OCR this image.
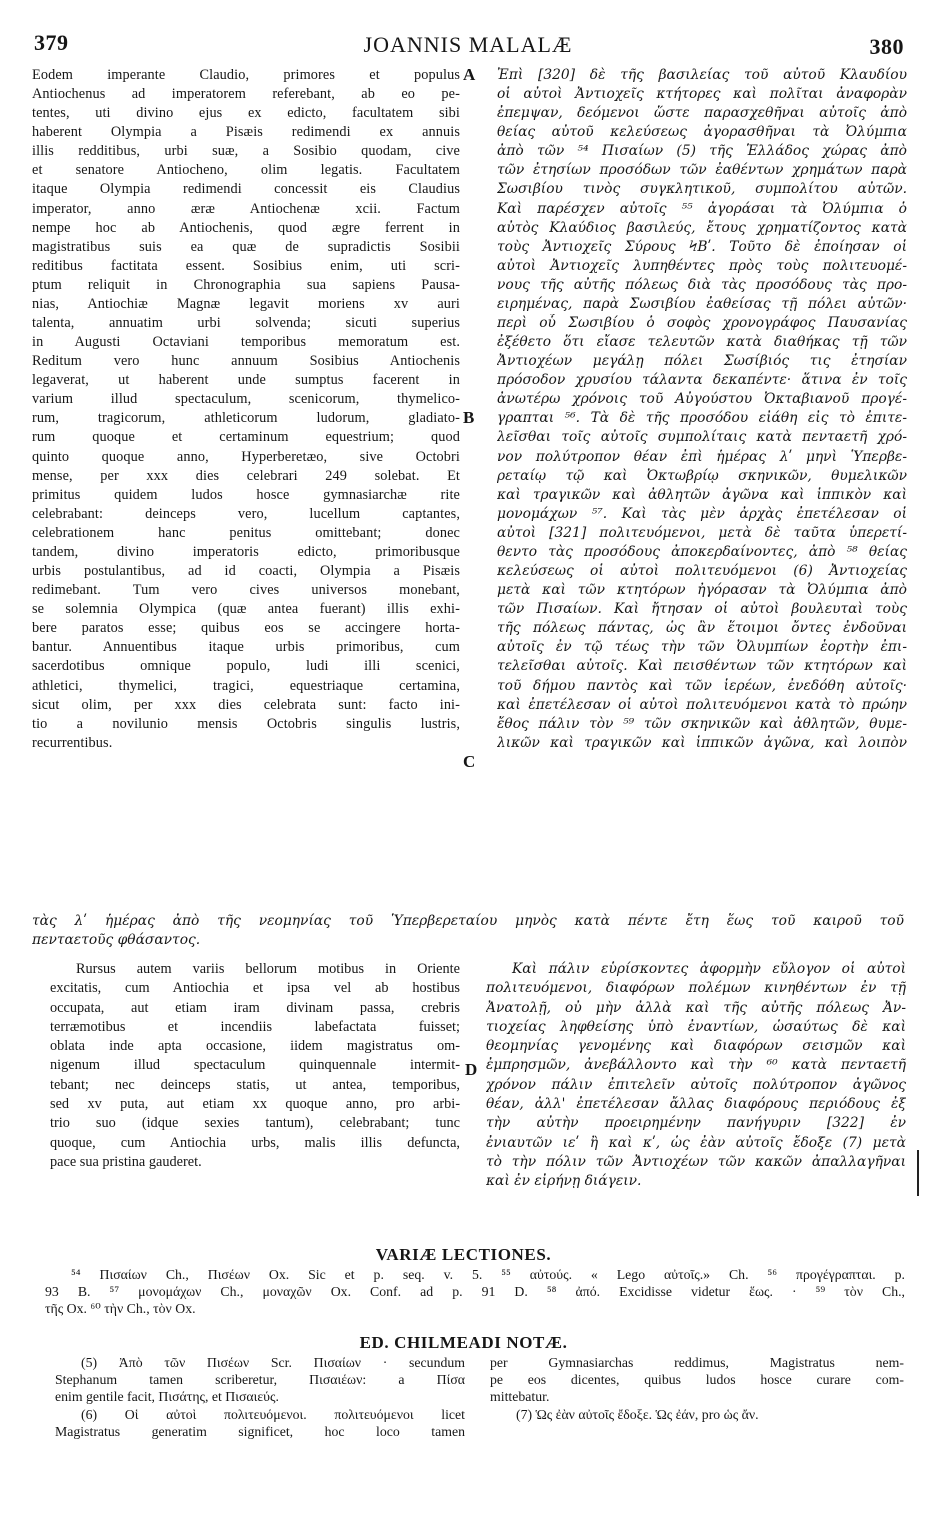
379	JOANNIS MALALÆ	380
A
B
C
D
Eodem imperante Claudio, primores et populus
Antiochenus ad imperatorem referebant, ab eo pe-
tentes, uti divino ejus ex edicto, facultatem sibi
haberent Olympia a Pisæis redimendi ex annuis
illis redditibus, urbi suæ, a Sosibio quodam, cive
et senatore Antiocheno, olim legatis. Facultatem
itaque Olympia redimendi concessit eis Claudius
imperator, anno æræ Antiochenæ xcii. Factum
nempe hoc ab Antiochenis, quod ægre ferrent in
magistratibus suis ea quæ de supradictis Sosibii
reditibus factitata essent. Sosibius enim, uti scri-
ptum reliquit in Chronographia sua sapiens Pausa-
nias, Antiochiæ Magnæ legavit moriens xv auri
talenta, annuatim urbi solvenda; sicuti superius
in Augusti Octaviani temporibus memoratum est.
Reditum vero hunc annuum Sosibius Antiochenis
legaverat, ut haberent unde sumptus facerent in
varium illud spectaculum, scenicorum, thymelico-
rum, tragicorum, athleticorum ludorum, gladiato-
rum quoque et certaminum equestrium; quod
quinto quoque anno, Hyperberetæo, sive Octobri
mense, per xxx dies celebrari 249 solebat. Et
primitus quidem ludos hosce gymnasiarchæ rite
celebrabant: deinceps vero, lucellum captantes,
celebrationem hanc penitus omittebant; donec
tandem, divino imperatoris edicto, primoribusque
urbis postulantibus, ad id coacti, Olympia a Pisæis
redimebant. Tum vero cives universos monebant,
se solemnia Olympica (quæ antea fuerant) illis exhi-
bere paratos esse; quibus eos se accingere horta-
bantur. Annuentibus itaque urbis primoribus, cum
sacerdotibus omnique populo, ludi illi scenici,
athletici, thymelici, tragici, equestriaque certamina,
sicut olim, per xxx dies celebrata sunt: facto ini-
tio a novilunio mensis Octobris singulis lustris,
recurrentibus.
Ἐπὶ [320] δὲ τῆς βασιλείας τοῦ αὐτοῦ Κλαυδίου
οἱ αὐτοὶ Ἀντιοχεῖς κτήτορες καὶ πολῖται ἀναφορὰν
ἐπεμψαν, δεόμενοι ὥστε παρασχεθῆναι αὐτοῖς ἀπὸ
θείας αὐτοῦ κελεύσεως ἀγορασθῆναι τὰ Ὀλύμπια
ἀπὸ τῶν ⁵⁴ Πισαίων (5) τῆς Ἑλλάδος χώρας ἀπὸ
τῶν ἐτησίων προσόδων τῶν ἐαθέντων χρημάτων παρὰ
Σωσιβίου τινὸς συγκλητικοῦ, συμπολίτου αὐτῶν.
Καὶ παρέσχεν αὐτοῖς ⁵⁵ ἀγοράσαι τὰ Ὀλύμπια ὁ
αὐτὸς Κλαύδιος βασιλεύς, ἔτους χρηματίζοντος κατὰ
τοὺς Ἀντιοχεῖς Σύρους ϞΒʹ. Τοῦτο δὲ ἐποίησαν οἱ
αὐτοὶ Ἀντιοχεῖς λυπηθέντες πρὸς τοὺς πολιτευομέ-
νους τῆς αὐτῆς πόλεως διὰ τὰς προσόδους τὰς προ-
ειρημένας, παρὰ Σωσιβίου ἐαθείσας τῇ πόλει αὐτῶν·
περὶ οὗ Σωσιβίου ὁ σοφὸς χρονογράφος Παυσανίας
ἐξέθετο ὅτι εἴασε τελευτῶν κατὰ διαθήκας τῇ τῶν
Ἀντιοχέων μεγάλῃ πόλει Σωσίβιός τις ἐτησίαν
πρόσοδον χρυσίου τάλαντα δεκαπέντε· ἅτινα ἐν τοῖς
ἀνωτέρω χρόνοις τοῦ Αὐγούστου Ὀκταβιανοῦ προγέ-
γραπται ⁵⁶. Τὰ δὲ τῆς προσόδου εἰάθη εἰς τὸ ἐπιτε-
λεῖσθαι τοῖς αὐτοῖς συμπολίταις κατὰ πενταετῆ χρό-
νον πολύτροπον θέαν ἐπὶ ἡμέρας λʹ μηνὶ Ὑπερβε-
ρεταίῳ τῷ καὶ Ὀκτωβρίῳ σκηνικῶν, θυμελικῶν
καὶ τραγικῶν καὶ ἀθλητῶν ἀγῶνα καὶ ἱππικὸν καὶ
μονομάχων ⁵⁷. Καὶ τὰς μὲν ἀρχὰς ἐπετέλεσαν οἱ
αὐτοὶ [321] πολιτευόμενοι, μετὰ δὲ ταῦτα ὑπερετί-
θεντο τὰς προσόδους ἀποκερδαίνοντες, ἀπὸ ⁵⁸ θείας
κελεύσεως οἱ αὐτοὶ πολιτευόμενοι (6) Ἀντιοχείας
μετὰ καὶ τῶν κτητόρων ἠγόρασαν τὰ Ὀλύμπια ἀπὸ
τῶν Πισαίων. Καὶ ἤτησαν οἱ αὐτοὶ βουλευταὶ τοὺς
τῆς πόλεως πάντας, ὡς ἂν ἕτοιμοι ὄντες ἐνδοῦναι
αὐτοῖς ἐν τῷ τέως τὴν τῶν Ὀλυμπίων ἑορτὴν ἐπι-
τελεῖσθαι αὐτοῖς. Καὶ πεισθέντων τῶν κτητόρων καὶ
τοῦ δήμου παντὸς καὶ τῶν ἱερέων, ἐνεδόθη αὐτοῖς·
καὶ ἐπετέλεσαν οἱ αὐτοὶ πολιτευόμενοι κατὰ τὸ πρώην
ἔθος πάλιν τὸν ⁵⁹ τῶν σκηνικῶν καὶ ἀθλητῶν, θυμε-
λικῶν καὶ τραγικῶν καὶ ἱππικῶν ἀγῶνα, καὶ λοιπὸν
τὰς λʹ ἡμέρας ἀπὸ τῆς νεομηνίας τοῦ Ὑπερβερεταίου μηνὸς κατὰ πέντε ἔτη ἕως τοῦ καιροῦ τοῦ
πενταετοῦς φθάσαντος.
Rursus autem variis bellorum motibus in Oriente
excitatis, cum Antiochia et ipsa vel ab hostibus
occupata, aut etiam iram divinam passa, crebris
terræmotibus et incendiis labefactata fuisset;
oblata inde apta occasione, iidem magistratus om-
nigenum illud spectaculum quinquennale intermit-
tebant; nec deinceps statis, ut antea, temporibus,
sed xv puta, aut etiam xx quoque anno, pro arbi-
trio suo (idque sexies tantum), celebrabant; tunc
quoque, cum Antiochia urbs, malis illis defuncta,
pace sua pristina gauderet.
Καὶ πάλιν εὑρίσκοντες ἀφορμὴν εὔλογον οἱ αὐτοὶ
πολιτευόμενοι, διαφόρων πολέμων κινηθέντων ἐν τῇ
Ἀνατολῇ, οὐ μὴν ἀλλὰ καὶ τῆς αὐτῆς πόλεως Ἀν-
τιοχείας ληφθείσης ὑπὸ ἐναντίων, ὡσαύτως δὲ καὶ
θεομηνίας γενομένης καὶ διαφόρων σεισμῶν καὶ
ἐμπρησμῶν, ἀνεβάλλοντο καὶ τὴν ⁶⁰ κατὰ πενταετῆ
χρόνον πάλιν ἐπιτελεῖν αὐτοῖς πολύτροπον ἀγῶνος
θέαν, ἀλλ' ἐπετέλεσαν ἄλλας διαφόρους περιόδους ἐξ
τὴν αὐτὴν προειρημένην πανήγυριν [322] ἐν
ἐνιαυτῶν ιεʹ ἢ καὶ κʹ, ὡς ἐὰν αὐτοῖς ἔδοξε (7) μετὰ
τὸ τὴν πόλιν τῶν Ἀντιοχέων τῶν κακῶν ἀπαλλαγῆναι
καὶ ἐν εἰρήνῃ διάγειν.
VARIÆ LECTIONES.
⁵⁴ Πισαίων Ch., Πισέων Ox. Sic et p. seq. v. 5. ⁵⁵ αὐτούς. « Lego αὐτοῖς.» Ch. ⁵⁶ προγέγραπται. p.
93 B. ⁵⁷ μονομάχων Ch., μοναχῶν Ox. Conf. ad p. 91 D. ⁵⁸ ἀπό. Excidisse videtur ἕως. · ⁵⁹ τὸν Ch.,
τῆς Ox. ⁶⁰ τὴν Ch., τὸν Ox.
ED. CHILMEADI NOTÆ.
(5) Ἀπὸ τῶν Πισέων Scr. Πισαίων · secundum
Stephanum tamen scriberetur, Πισαιέων: a Πίσα
enim gentile facit, Πισάτης, et Πισαιεύς.
(6) Οἱ αὐτοὶ πολιτευόμενοι. πολιτευόμενοι licet
Magistratus generatim significet, hoc loco tamen
per Gymnasiarchas reddimus, Magistratus nem-
pe eos dicentes, quibus ludos hosce curare com-
mittebatur.
(7) Ὡς ἐὰν αὐτοῖς ἔδοξε. Ὡς ἐάν, pro ὡς ἄν.
